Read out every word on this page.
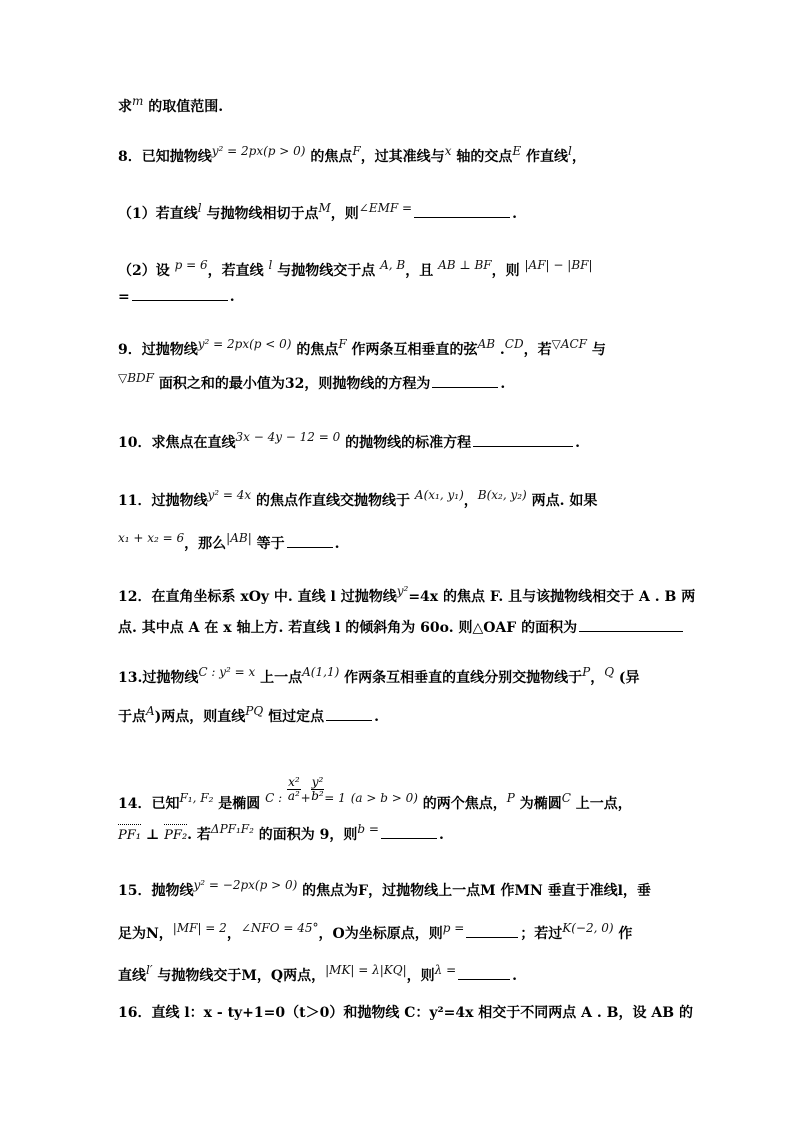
求m 的取值范围.
8．已知抛物线y² = 2px(p > 0) 的焦点F，过其准线与x 轴的交点E 作直线l，
（1）若直线l 与抛物线相切于点M，则∠EMF =	.
（2）设 p = 6，若直线 l 与抛物线交于点 A, B，且 AB ⊥ BF，则 |AF| − |BF|
=	.
9．过抛物线y² = 2px(p < 0) 的焦点F 作两条互相垂直的弦AB .CD，若▽ACF 与
▽BDF 面积之和的最小值为32，则抛物线的方程为	.
10．求焦点在直线3x − 4y − 12 = 0 的抛物线的标准方程	.
11．过抛物线y² = 4x 的焦点作直线交抛物线于 A(x₁, y₁)，B(x₂, y₂) 两点. 如果
x₁ + x₂ = 6，那么|AB| 等于	.
12．在直角坐标系 xOy 中. 直线 l 过抛物线y²=4x 的焦点 F. 且与该抛物线相交于 A . B 两
点. 其中点 A 在 x 轴上方. 若直线 l 的倾斜角为 60o. 则△OAF 的面积为
13.过抛物线C : y² = x 上一点A(1,1) 作两条互相垂直的直线分别交抛物线于P，Q (异
于点A)两点，则直线PQ 恒过定点	.
14．已知F₁, F₂ 是椭圆 C : $\frac{\text{x²}}{\text{a²}} + \frac{\text{y²}}{\text{b²}} = 1$ (a > b > 0) 的两个焦点，P 为椭圆C 上一点，
PF₁ ⊥ PF₂. 若ΔPF₁F₂ 的面积为 9，则b =	.
15．抛物线y² = −2px(p > 0) 的焦点为F，过抛物线上一点M 作MN 垂直于准线l，垂
足为N，|MF| = 2，∠NFO = 45°，O为坐标原点，则p =	；若过K(−2, 0) 作
直线l′ 与抛物线交于M，Q两点，|MK| = λ|KQ|，则λ =	.
16．直线 l：x - ty+1=0（t＞0）和抛物线 C：y²=4x 相交于不同两点 A . B，设 AB 的
